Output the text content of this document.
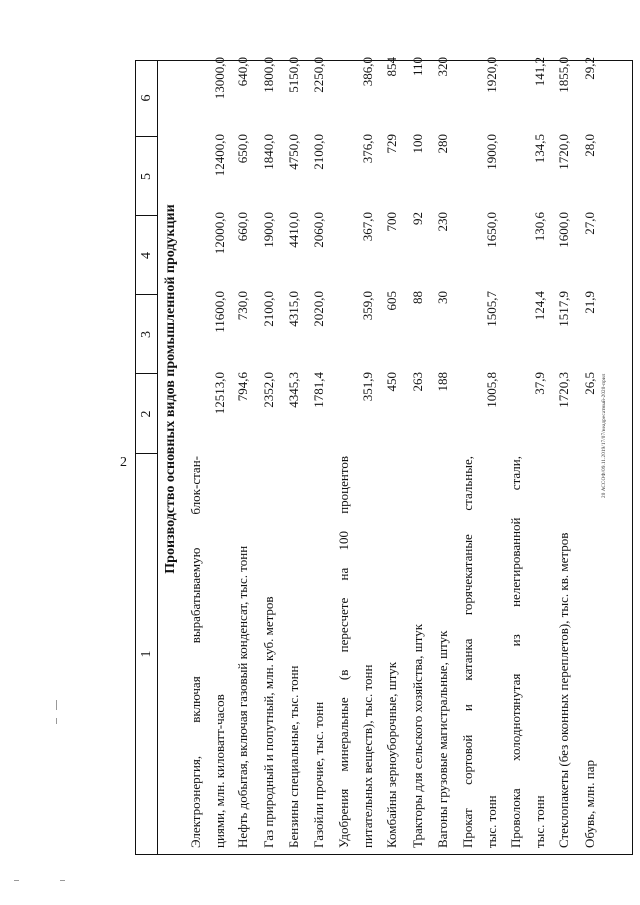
2	20 АССОФ/09.11.2019/17/07/неадресатный-2020-прил
1
2
3
4
5
6
Производство основных видов промышленной продукции
Электроэнергия, включая вырабатываемую блок-стан- циями, млн. киловатт-часов
12513,0
11600,0
12000,0
12400,0
13000,0
Нефть добытая, включая газовый конденсат, тыс. тонн
794,6
730,0
660,0
650,0
640,0
Газ природный и попутный, млн. куб. метров
2352,0
2100,0
1900,0
1840,0
1800,0
Бензины специальные, тыс. тонн
4345,3
4315,0
4410,0
4750,0
5150,0
Газойли прочие, тыс. тонн
1781,4
2020,0
2060,0
2100,0
2250,0
Удобрения минеральные (в пересчете на 100 процентов питательных веществ), тыс. тонн
351,9
359,0
367,0
376,0
386,0
Комбайны зерноуборочные, штук
450
605
700
729
854
Тракторы для сельского хозяйства, штук
263
88
92
100
110
Вагоны грузовые магистральные, штук
188
30
230
280
320
Прокат сортовой и катанка горячекатаные стальные, тыс. тонн
1005,8
1505,7
1650,0
1900,0
1920,0
Проволока холоднотянутая из нелегированной стали, тыс. тонн
37,9
124,4
130,6
134,5
141,2
Стеклопакеты (без оконных переплетов), тыс. кв. метров
1720,3
1517,9
1600,0
1720,0
1855,0
Обувь, млн. пар
26,5
21,9
27,0
28,0
29,2
